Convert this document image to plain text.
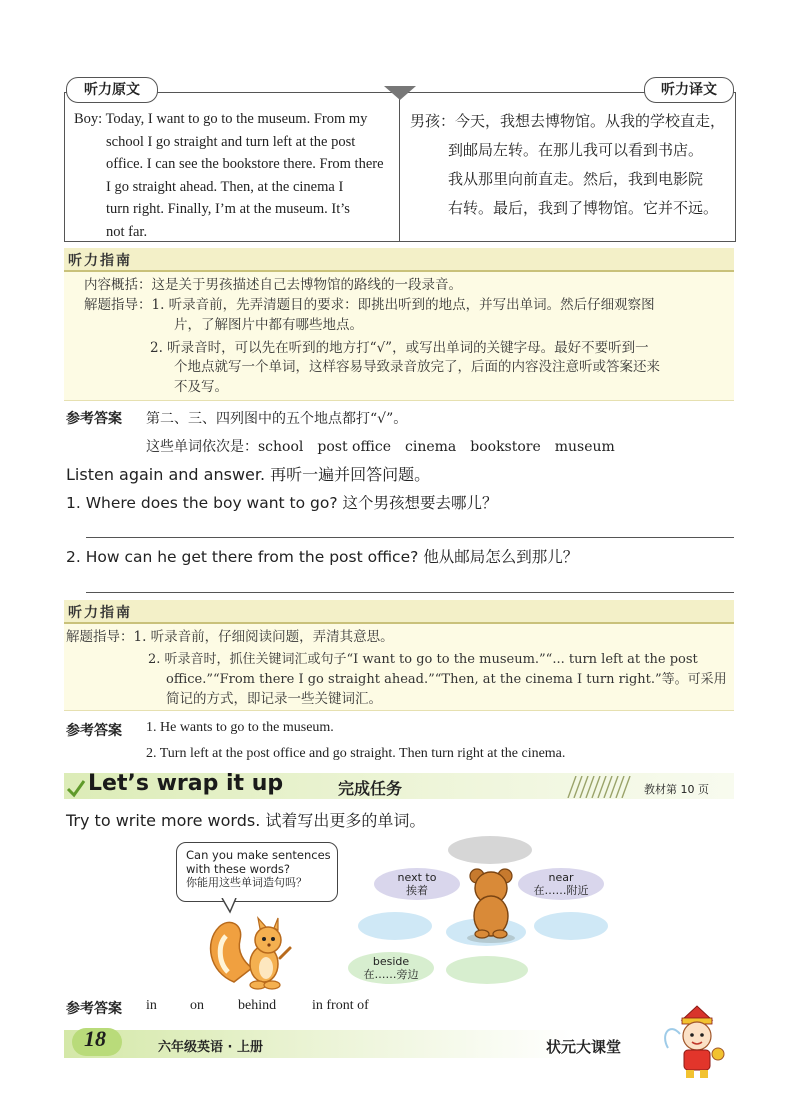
听力原文	听力译文
Boy: Today, I want to go to the museum. From my
school I go straight and turn left at the post
office. I can see the bookstore there. From there
I go straight ahead. Then, at the cinema I
turn right. Finally, I’m at the museum. It’s
not far.
男孩：今天，我想去博物馆。从我的学校直走，
到邮局左转。在那儿我可以看到书店。
我从那里向前直走。然后，我到电影院
右转。最后，我到了博物馆。它并不远。
听力指南
内容概括：这是关于男孩描述自己去博物馆的路线的一段录音。
解题指导：1. 听录音前，先弄清题目的要求：即挑出听到的地点，并写出单词。然后仔细观察图
片，了解图片中都有哪些地点。
2. 听录音时，可以先在听到的地方打“√”，或写出单词的关键字母。最好不要听到一
个地点就写一个单词，这样容易导致录音放完了，后面的内容没注意听或答案还来
不及写。
参考答案 第二、三、四列图中的五个地点都打“√”。
这些单词依次是：school　post office　cinema　bookstore　museum
Listen again and answer. 再听一遍并回答问题。
1. Where does the boy want to go? 这个男孩想要去哪儿？
2. How can he get there from the post office? 他从邮局怎么到那儿？
听力指南
解题指导：1. 听录音前，仔细阅读问题，弄清其意思。
2. 听录音时，抓住关键词汇或句子“I want to go to the museum.”“... turn left at the post
office.”“From there I go straight ahead.”“Then, at the cinema I turn right.”等。可采用
简记的方式，即记录一些关键词汇。
参考答案 1. He wants to go to the museum.
2. Turn left at the post office and go straight. Then turn right at the cinema.
Let’s wrap it up	完成任务	教材第 10 页
Try to write more words. 试着写出更多的单词。
Can you make sentences
with these words?
你能用这些单词造句吗？	next to
挨着
near
在……附近
beside
在……旁边
参考答案 in on behind	in front of
18	六年级英语 · 上册	状元大课堂
